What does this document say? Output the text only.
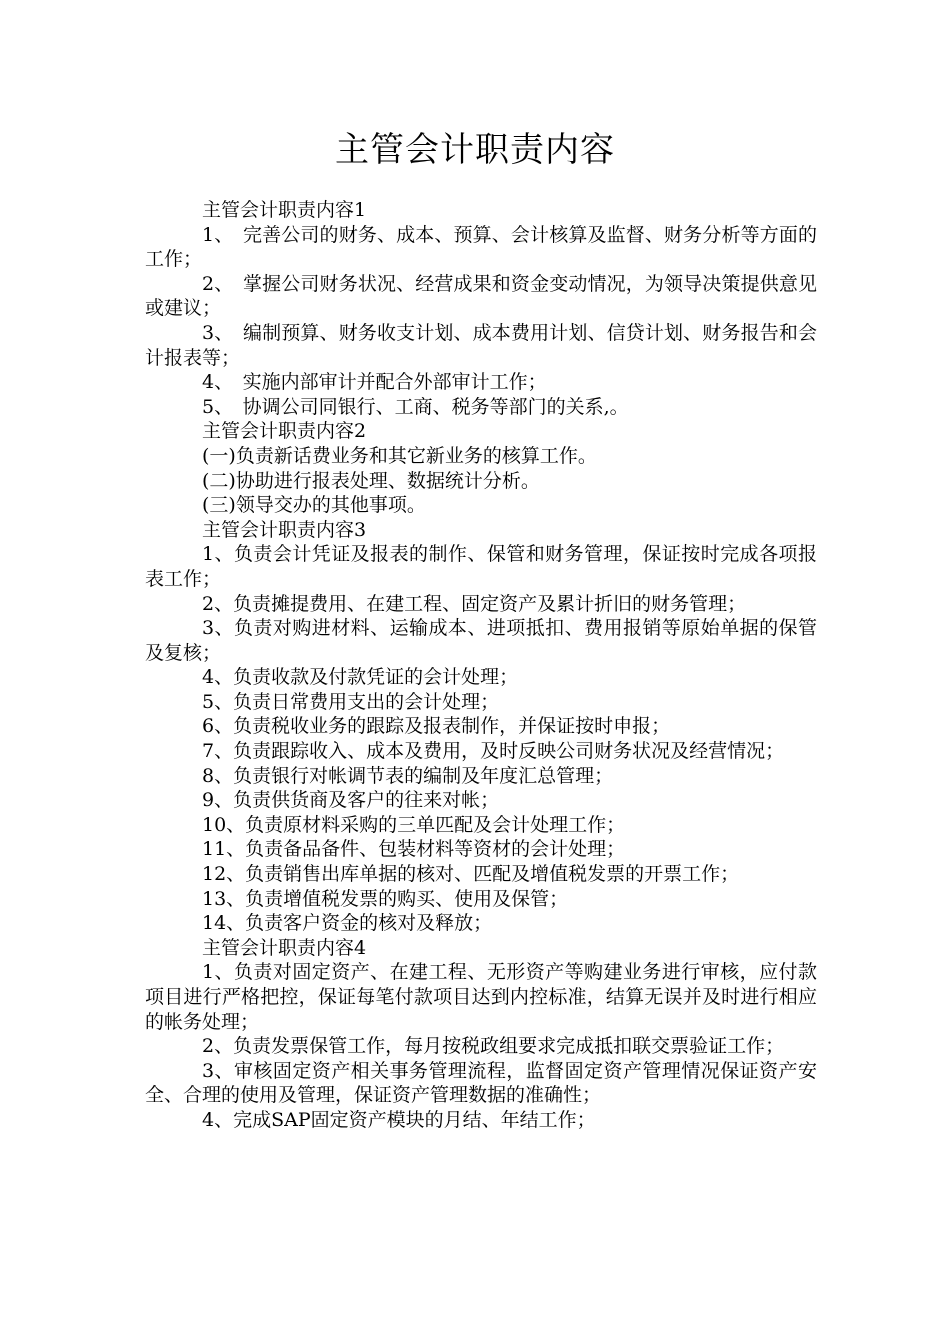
主管会计职责内容

主管会计职责内容1

1、　完善公司的财务、成本、预算、会计核算及监督、财务分析等方面的工作；

2、　掌握公司财务状况、经营成果和资金变动情况，为领导决策提供意见或建议；

3、　编制预算、财务收支计划、成本费用计划、信贷计划、财务报告和会计报表等；

4、　实施内部审计并配合外部审计工作；

5、　协调公司同银行、工商、税务等部门的关系,。

主管会计职责内容2

(一)负责新话费业务和其它新业务的核算工作。

(二)协助进行报表处理、数据统计分析。

(三)领导交办的其他事项。

主管会计职责内容3

1、负责会计凭证及报表的制作、保管和财务管理，保证按时完成各项报表工作；

2、负责摊提费用、在建工程、固定资产及累计折旧的财务管理；

3、负责对购进材料、运输成本、进项抵扣、费用报销等原始单据的保管及复核；

4、负责收款及付款凭证的会计处理；

5、负责日常费用支出的会计处理；

6、负责税收业务的跟踪及报表制作，并保证按时申报；

7、负责跟踪收入、成本及费用，及时反映公司财务状况及经营情况；

8、负责银行对帐调节表的编制及年度汇总管理；

9、负责供货商及客户的往来对帐；

10、负责原材料采购的三单匹配及会计处理工作；

11、负责备品备件、包装材料等资材的会计处理；

12、负责销售出库单据的核对、匹配及增值税发票的开票工作；

13、负责增值税发票的购买、使用及保管；

14、负责客户资金的核对及释放；

主管会计职责内容4

1、负责对固定资产、在建工程、无形资产等购建业务进行审核，应付款项目进行严格把控，保证每笔付款项目达到内控标准，结算无误并及时进行相应的帐务处理；

2、负责发票保管工作，每月按税政组要求完成抵扣联交票验证工作；

3、审核固定资产相关事务管理流程，监督固定资产管理情况保证资产安全、合理的使用及管理，保证资产管理数据的准确性；

4、完成SAP固定资产模块的月结、年结工作；
